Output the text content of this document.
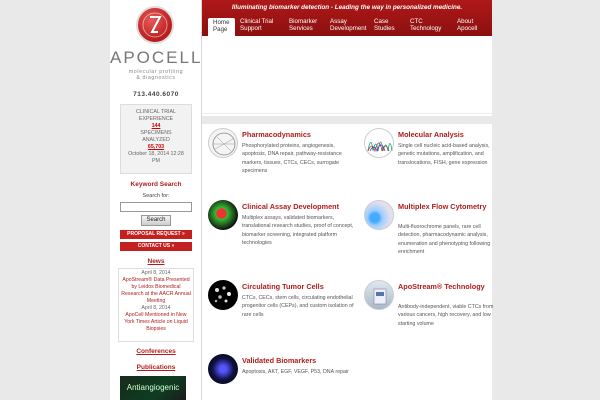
APOCELL
molecular profiling
& diagnostics
713.440.6070
CLINICAL TRIAL
EXPERIENCE
144
SPECIMENS
ANALYZED
65,703
October 18, 2014 12:28
PM
Keyword Search
Search for:
Search
PROPOSAL REQUEST »
CONTACT US »
News
April 8, 2014
ApoStream® Data Presented by Leidos Biomedical Research at the AACR Annual Meeting
April 8, 2014
ApoCell Mentioned in New York Times Article on Liquid Biopsies
Conferences
Publications
Antiangiogenic
Illuminating biomarker detection - Leading the way in personalized medicine.
Home
Page
Clinical Trial
Support
Biomarker
Services
Assay
Development
Case
Studies
CTC
Technology
About
Apocell
Pharmacodynamics
Phosphorylated proteins, angiogenesis, apoptosis, DNA repair, pathway-resistance markers, tissues, CTCs, CECs, surrogate specimens
Molecular Analysis
Single cell nucleic acid-based analysis, genetic mutations, amplification, and translocations, FISH, gene expression
Clinical Assay Development
Multiplex assays, validated biomarkers, translational research studies, proof of concept, biomarker screening, integrated platform technologies
Multiplex Flow Cytometry
Multi-fluorochrome panels, rare cell detection, pharmacodynamic analysis, enumeration and phenotyping following enrichment
Circulating Tumor Cells
CTCs, CECs, stem cells, circulating endothelial progenitor cells (CEPs), and custom isolation of rare cells
ApoStream® Technology
Antibody-independent, viable CTCs from various cancers, high recovery, and low starting volume
Validated Biomarkers
Apoptosis, AKT, EGF, VEGF, P53, DNA repair
